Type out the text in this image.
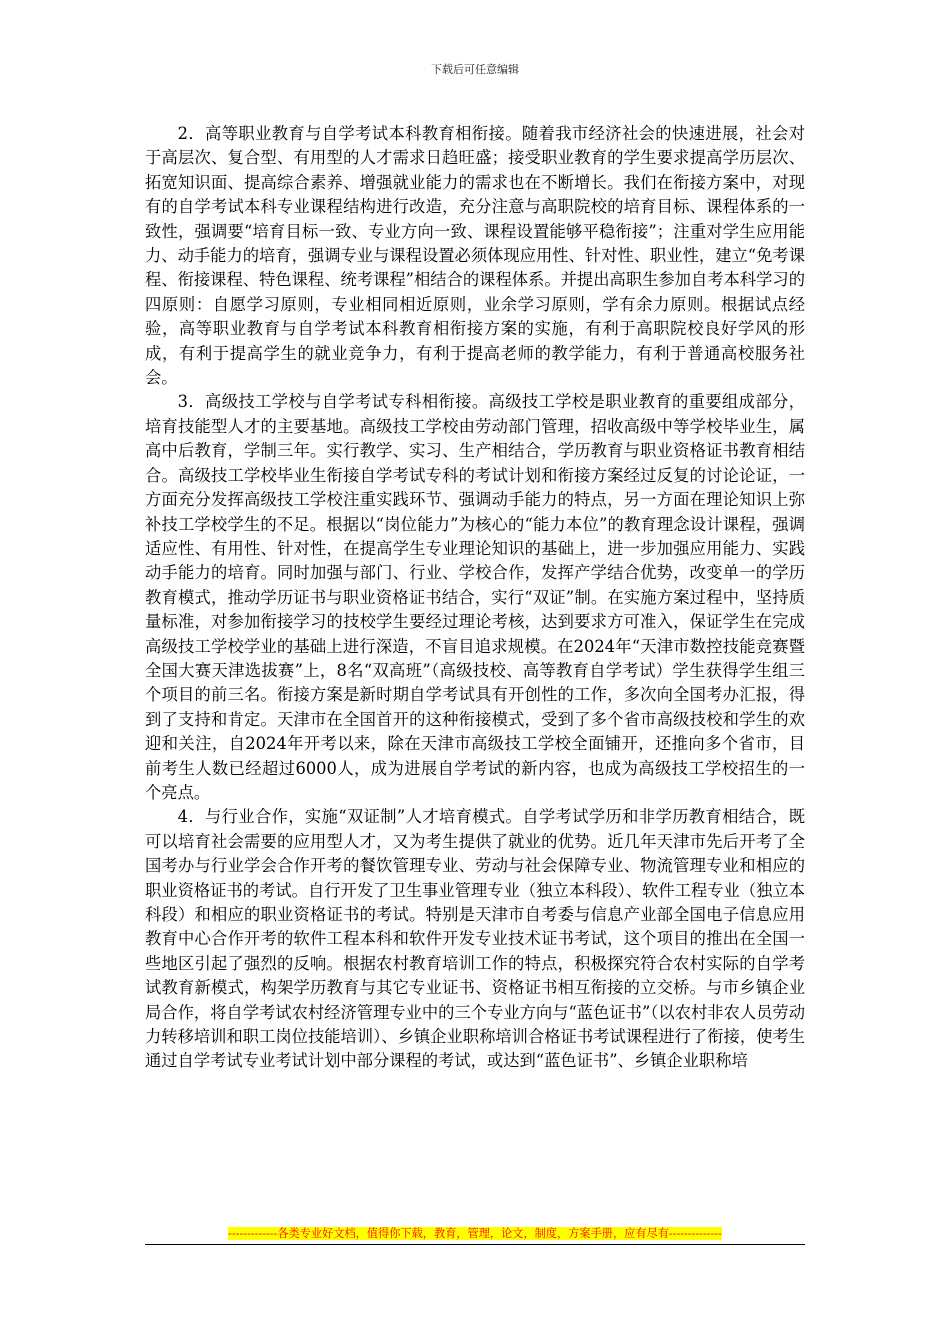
下载后可任意编辑

2．高等职业教育与自学考试本科教育相衔接。随着我市经济社会的快速进展，社会对于高层次、复合型、有用型的人才需求日趋旺盛；接受职业教育的学生要求提高学历层次、拓宽知识面、提高综合素养、增强就业能力的需求也在不断增长。我们在衔接方案中，对现有的自学考试本科专业课程结构进行改造，充分注意与高职院校的培育目标、课程体系的一致性，强调要“培育目标一致、专业方向一致、课程设置能够平稳衔接”；注重对学生应用能力、动手能力的培育，强调专业与课程设置必须体现应用性、针对性、职业性，建立“免考课程、衔接课程、特色课程、统考课程”相结合的课程体系。并提出高职生参加自考本科学习的四原则：自愿学习原则，专业相同相近原则，业余学习原则，学有余力原则。根据试点经验，高等职业教育与自学考试本科教育相衔接方案的实施，有利于高职院校良好学风的形成，有利于提高学生的就业竞争力，有利于提高老师的教学能力，有利于普通高校服务社会。

3．高级技工学校与自学考试专科相衔接。高级技工学校是职业教育的重要组成部分，培育技能型人才的主要基地。高级技工学校由劳动部门管理，招收高级中等学校毕业生，属高中后教育，学制三年。实行教学、实习、生产相结合，学历教育与职业资格证书教育相结合。高级技工学校毕业生衔接自学考试专科的考试计划和衔接方案经过反复的讨论论证，一方面充分发挥高级技工学校注重实践环节、强调动手能力的特点，另一方面在理论知识上弥补技工学校学生的不足。根据以“岗位能力”为核心的“能力本位”的教育理念设计课程，强调适应性、有用性、针对性，在提高学生专业理论知识的基础上，进一步加强应用能力、实践动手能力的培育。同时加强与部门、行业、学校合作，发挥产学结合优势，改变单一的学历教育模式，推动学历证书与职业资格证书结合，实行“双证”制。在实施方案过程中，坚持质量标准，对参加衔接学习的技校学生要经过理论考核，达到要求方可准入，保证学生在完成高级技工学校学业的基础上进行深造，不盲目追求规模。在2024年“天津市数控技能竞赛暨全国大赛天津选拔赛”上，8名“双高班”（高级技校、高等教育自学考试）学生获得学生组三个项目的前三名。衔接方案是新时期自学考试具有开创性的工作，多次向全国考办汇报，得到了支持和肯定。天津市在全国首开的这种衔接模式，受到了多个省市高级技校和学生的欢迎和关注，自2024年开考以来，除在天津市高级技工学校全面铺开，还推向多个省市，目前考生人数已经超过6000人，成为进展自学考试的新内容，也成为高级技工学校招生的一个亮点。

4．与行业合作，实施“双证制”人才培育模式。自学考试学历和非学历教育相结合，既可以培育社会需要的应用型人才，又为考生提供了就业的优势。近几年天津市先后开考了全国考办与行业学会合作开考的餐饮管理专业、劳动与社会保障专业、物流管理专业和相应的职业资格证书的考试。自行开发了卫生事业管理专业（独立本科段）、软件工程专业（独立本科段）和相应的职业资格证书的考试。特别是天津市自考委与信息产业部全国电子信息应用教育中心合作开考的软件工程本科和软件开发专业技术证书考试，这个项目的推出在全国一些地区引起了强烈的反响。根据农村教育培训工作的特点，积极探究符合农村实际的自学考试教育新模式，构架学历教育与其它专业证书、资格证书相互衔接的立交桥。与市乡镇企业局合作，将自学考试农村经济管理专业中的三个专业方向与“蓝色证书”（以农村非农人员劳动力转移培训和职工岗位技能培训）、乡镇企业职称培训合格证书考试课程进行了衔接，使考生通过自学考试专业考试计划中部分课程的考试，或达到“蓝色证书”、乡镇企业职称培

-------------各类专业好文档，值得你下载，教育，管理，论文，制度，方案手册，应有尽有--------------
